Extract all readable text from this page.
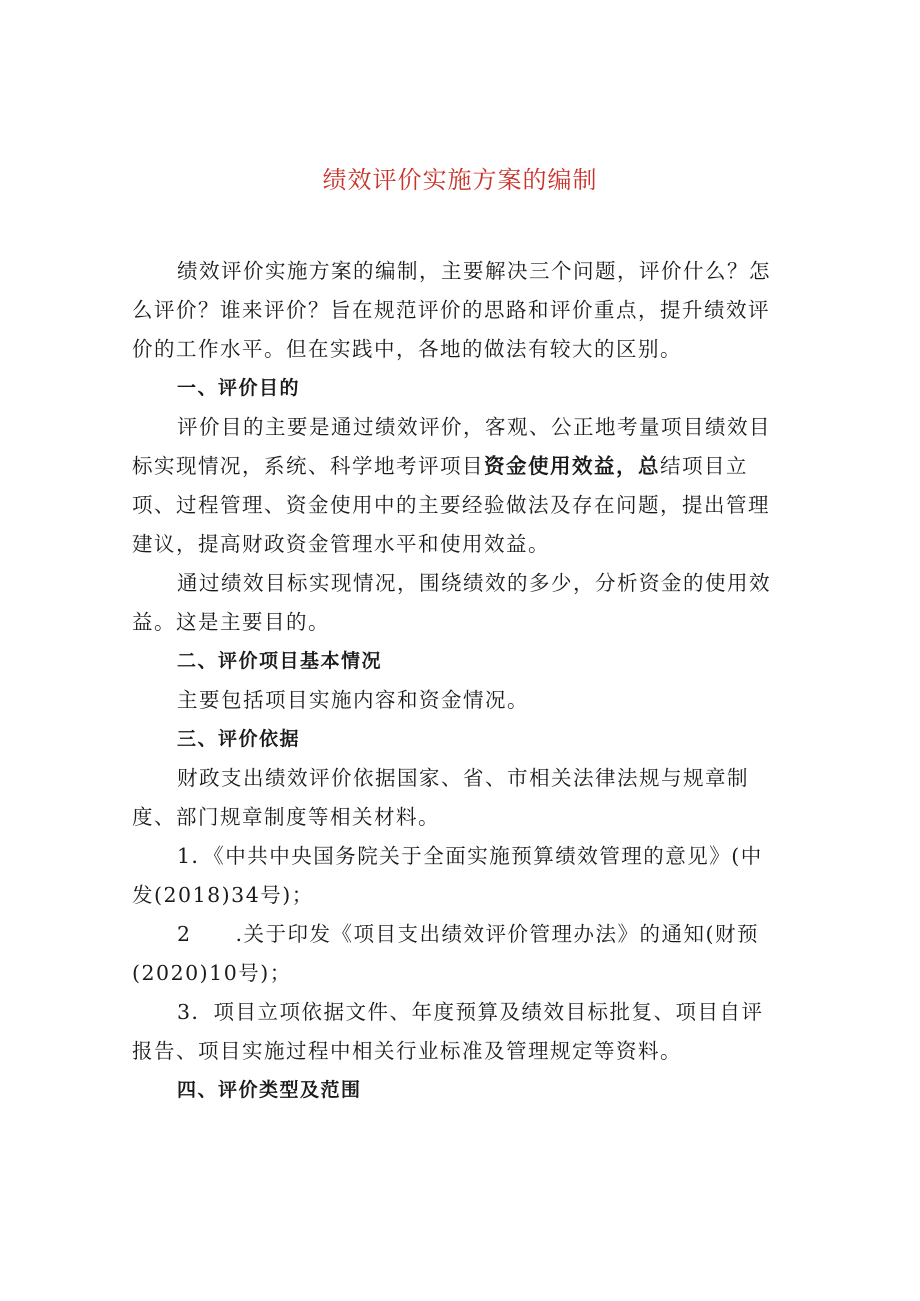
绩效评价实施方案的编制

绩效评价实施方案的编制，主要解决三个问题，评价什么？怎么评价？谁来评价？旨在规范评价的思路和评价重点，提升绩效评价的工作水平。但在实践中，各地的做法有较大的区别。

一、评价目的

评价目的主要是通过绩效评价，客观、公正地考量项目绩效目标实现情况，系统、科学地考评项目资金使用效益，总结项目立项、过程管理、资金使用中的主要经验做法及存在问题，提出管理建议，提高财政资金管理水平和使用效益。

通过绩效目标实现情况，围绕绩效的多少，分析资金的使用效益。这是主要目的。

二、评价项目基本情况

主要包括项目实施内容和资金情况。

三、评价依据

财政支出绩效评价依据国家、省、市相关法律法规与规章制度、部门规章制度等相关材料。

1．《中共中央国务院关于全面实施预算绩效管理的意见》(中发(2018)34号)；

2　　.关于印发《项目支出绩效评价管理办法》的通知(财预(2020)10号)；

3．项目立项依据文件、年度预算及绩效目标批复、项目自评报告、项目实施过程中相关行业标准及管理规定等资料。

四、评价类型及范围
